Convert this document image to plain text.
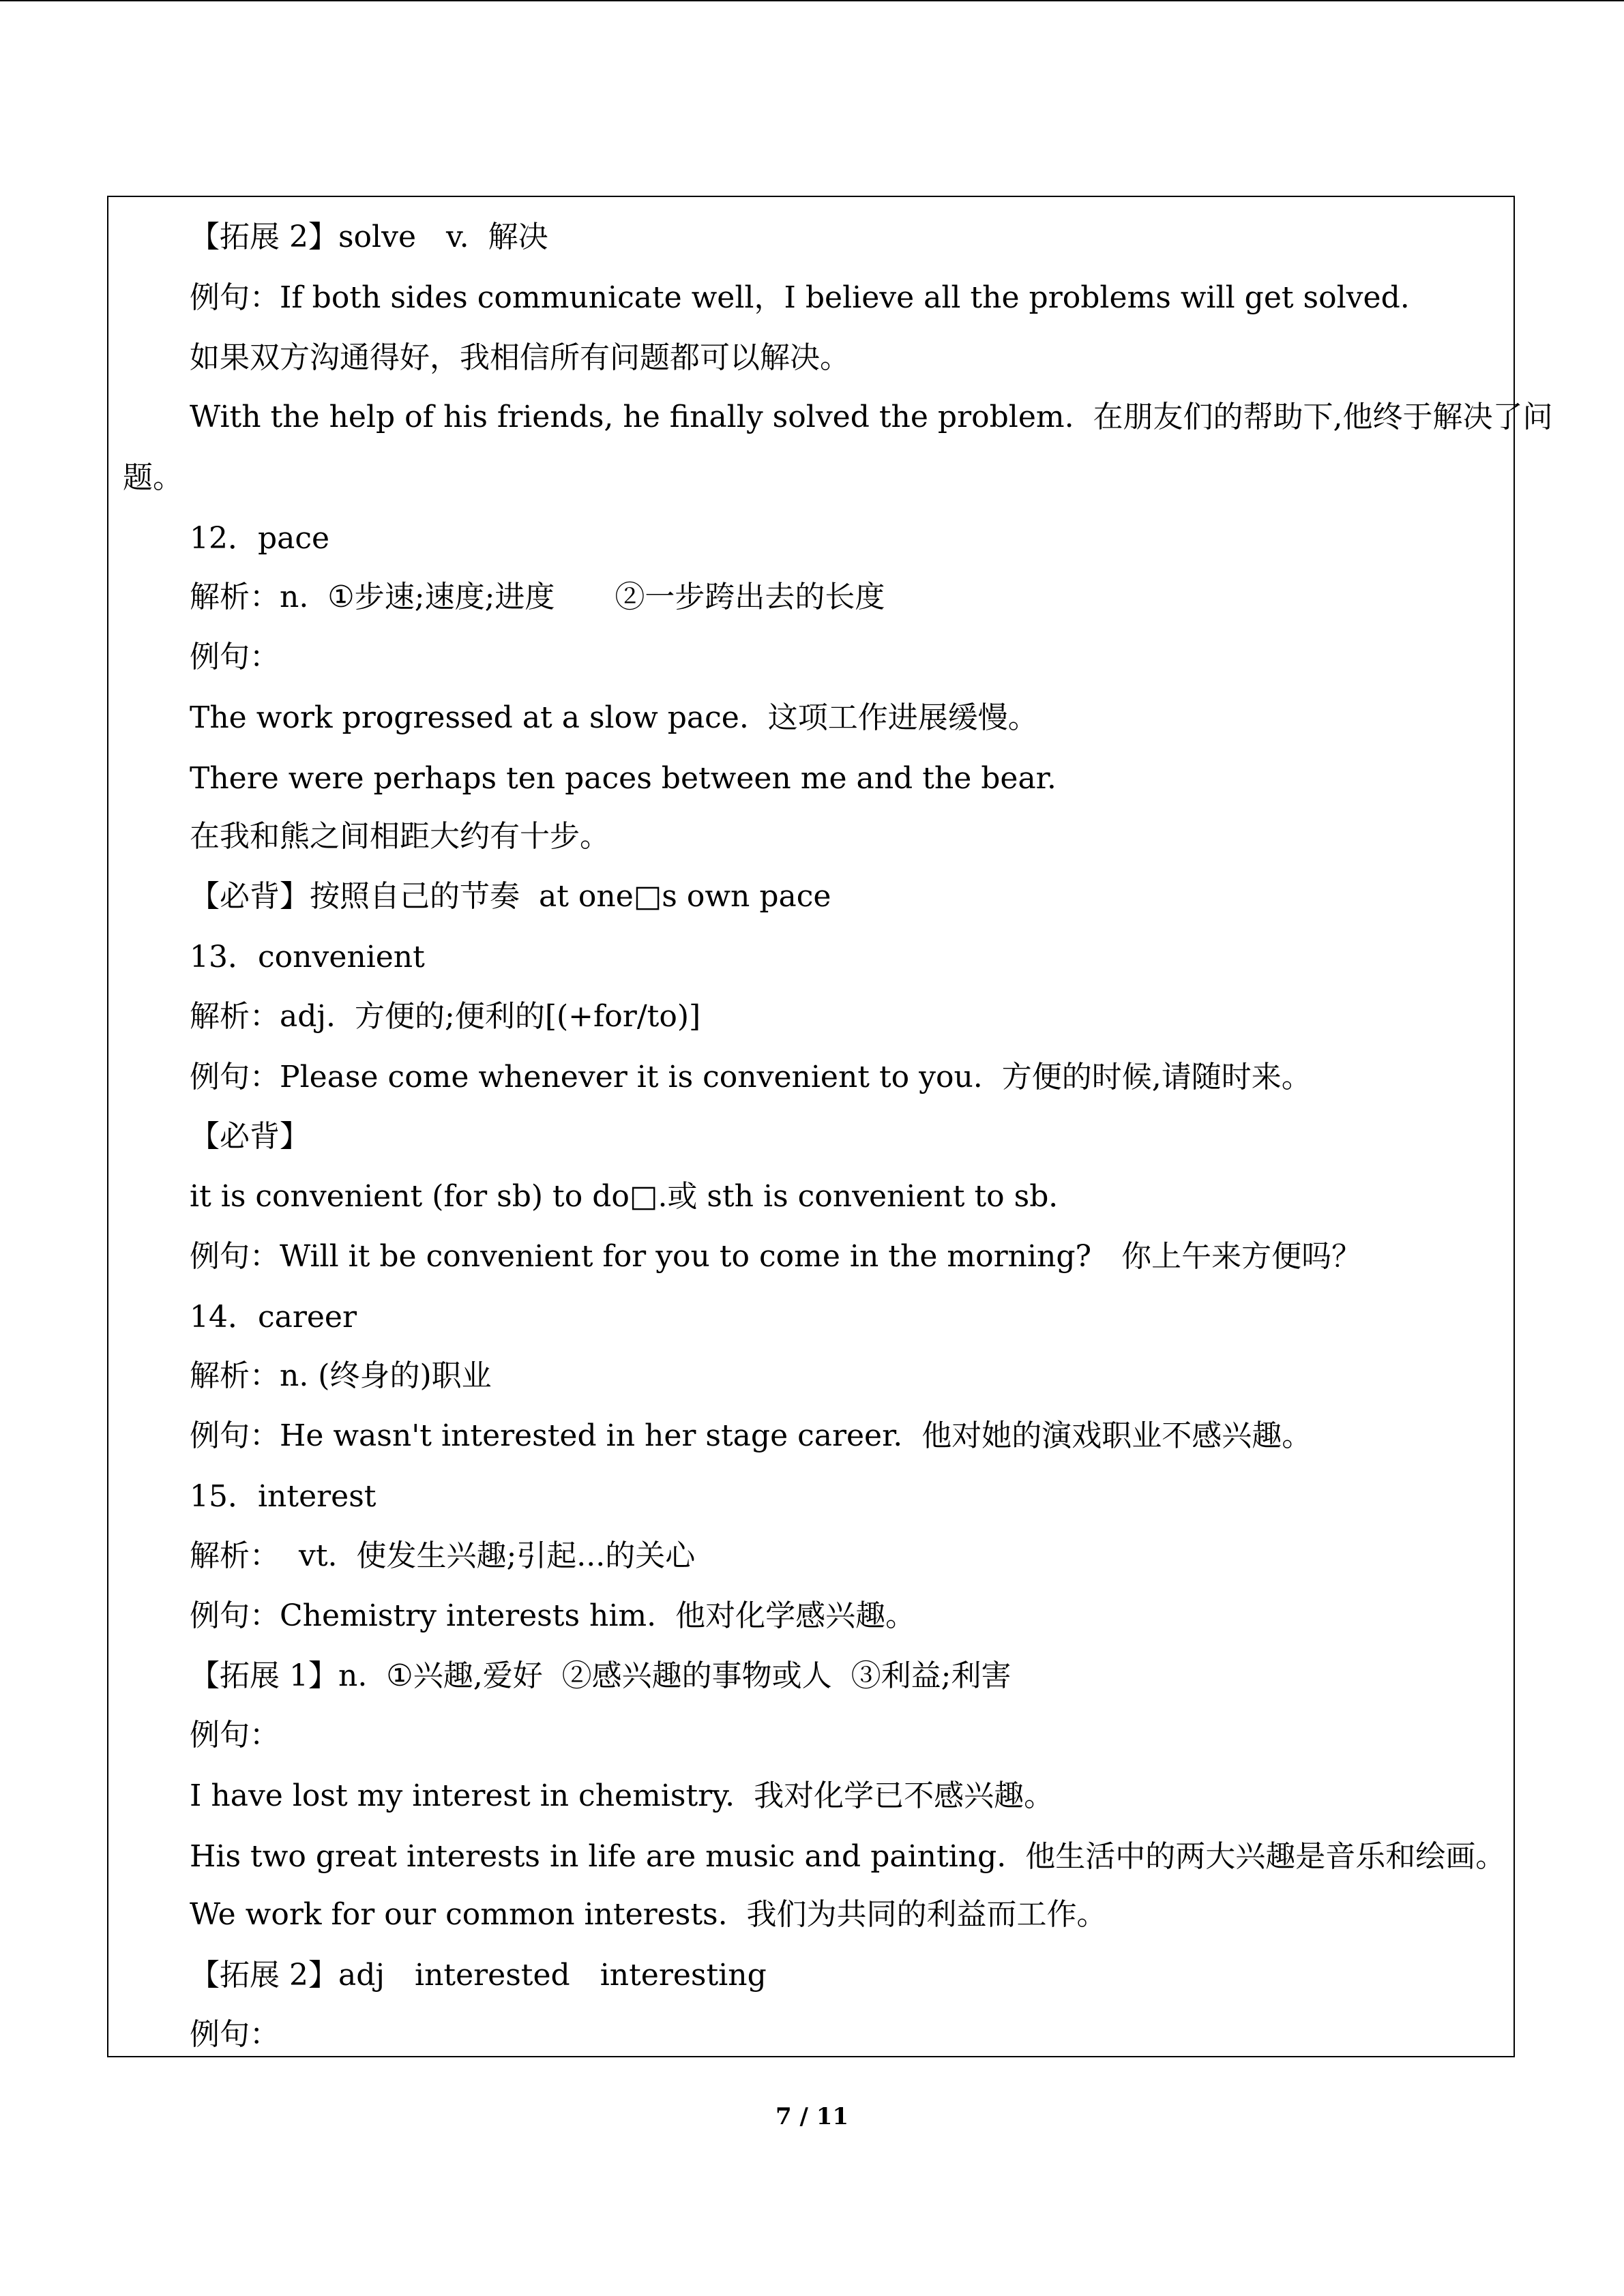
【拓展 2】solve　v.  解决
例句：If both sides communicate well，I believe all the problems will get solved.
如果双方沟通得好，我相信所有问题都可以解决。
With the help of his friends, he finally solved the problem.  在朋友们的帮助下,他终于解决了问
题。
12．pace
解析：n.  ①步速;速度;进度　　②一步跨出去的长度
例句：
The work progressed at a slow pace.  这项工作进展缓慢。
There were perhaps ten paces between me and the bear.
在我和熊之间相距大约有十步。
【必背】按照自己的节奏  at one□s own pace
13．convenient
解析：adj.  方便的;便利的[(+for/to)]
例句：Please come whenever it is convenient to you.  方便的时候,请随时来。
【必背】
it is convenient (for sb) to do□.或 sth is convenient to sb．
例句：Will it be convenient for you to come in the morning?　你上午来方便吗？
14．career
解析：n. (终身的)职业
例句：He wasn't interested in her stage career.  他对她的演戏职业不感兴趣。
15．interest
解析：  vt.  使发生兴趣;引起...的关心
例句：Chemistry interests him.  他对化学感兴趣。
【拓展 1】n.  ①兴趣,爱好  ②感兴趣的事物或人  ③利益;利害
例句：
I have lost my interest in chemistry.  我对化学已不感兴趣。
His two great interests in life are music and painting.  他生活中的两大兴趣是音乐和绘画。
We work for our common interests.  我们为共同的利益而工作。
【拓展 2】adj　interested　interesting
例句：
7 / 11
